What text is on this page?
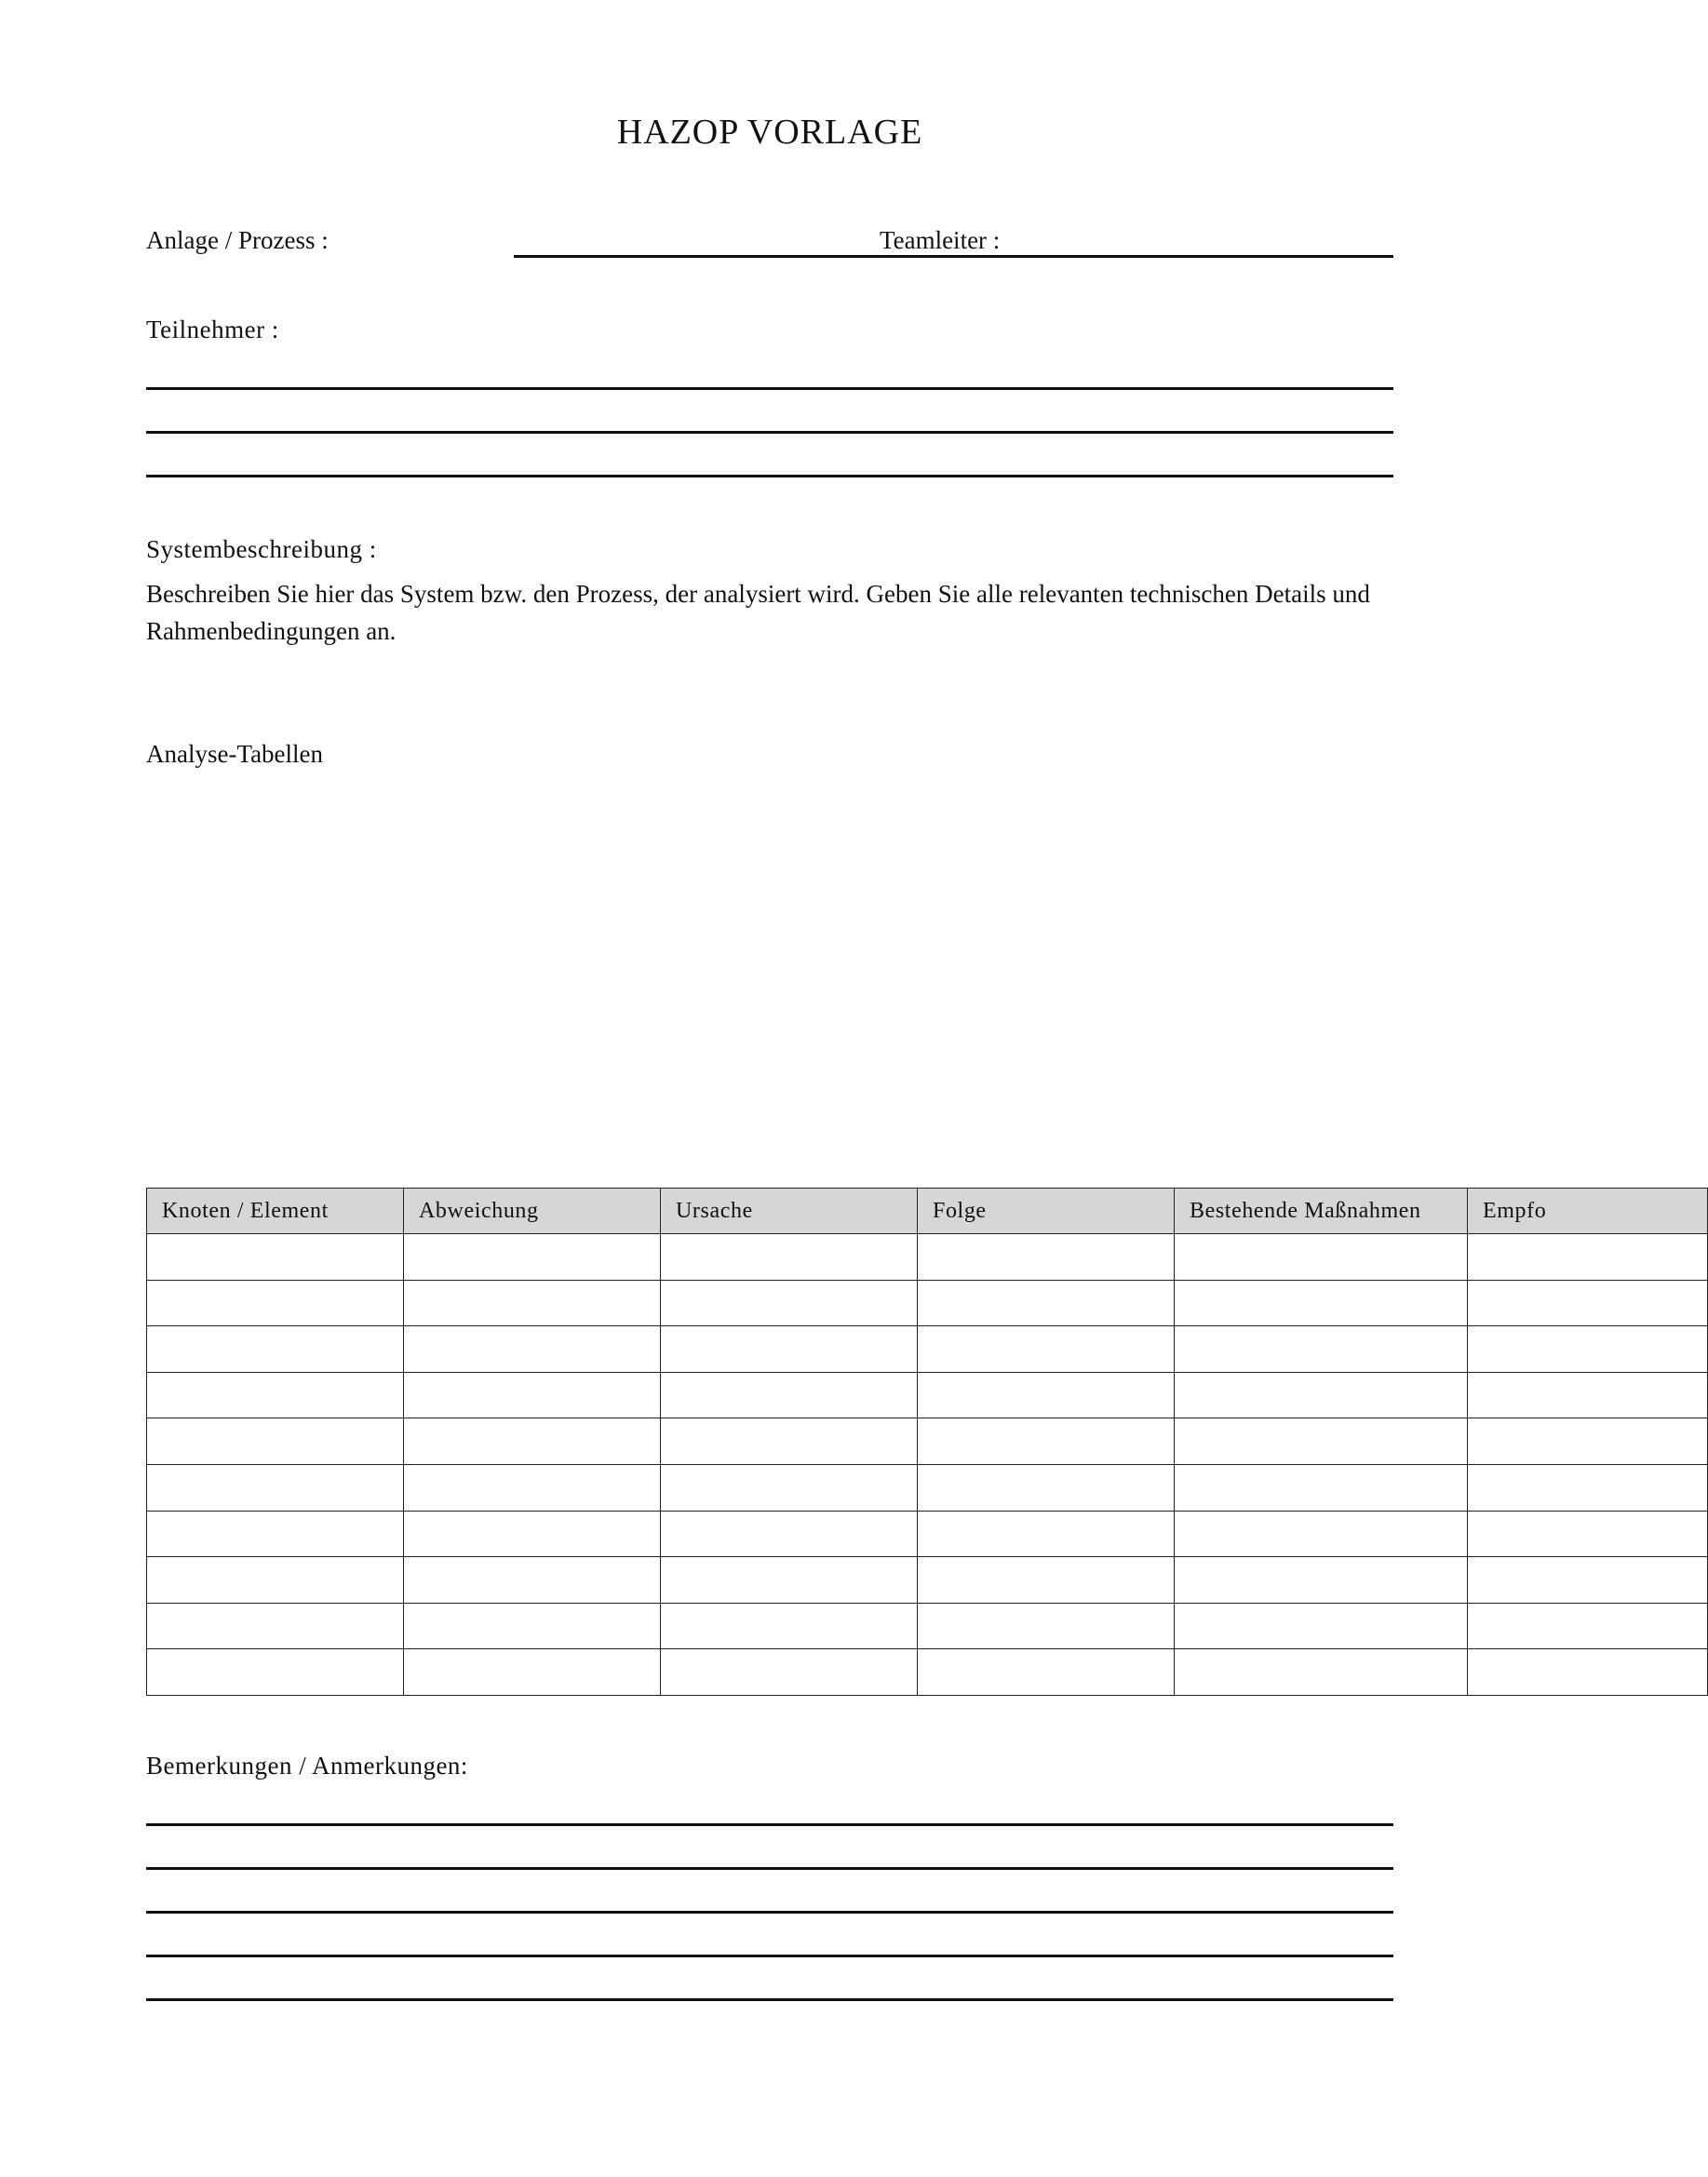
HAZOP VORLAGE
Anlage / Prozess :	Teamleiter :
Teilnehmer :
Systembeschreibung :
Beschreiben Sie hier das System bzw. den Prozess, der analysiert wird. Geben Sie alle relevanten technischen Details und Rahmenbedingungen an.
Analyse-Tabellen
Knoten / Element	Abweichung	Ursache	Folge	Bestehende Maßnahmen	Empfo

Bemerkungen / Anmerkungen:
